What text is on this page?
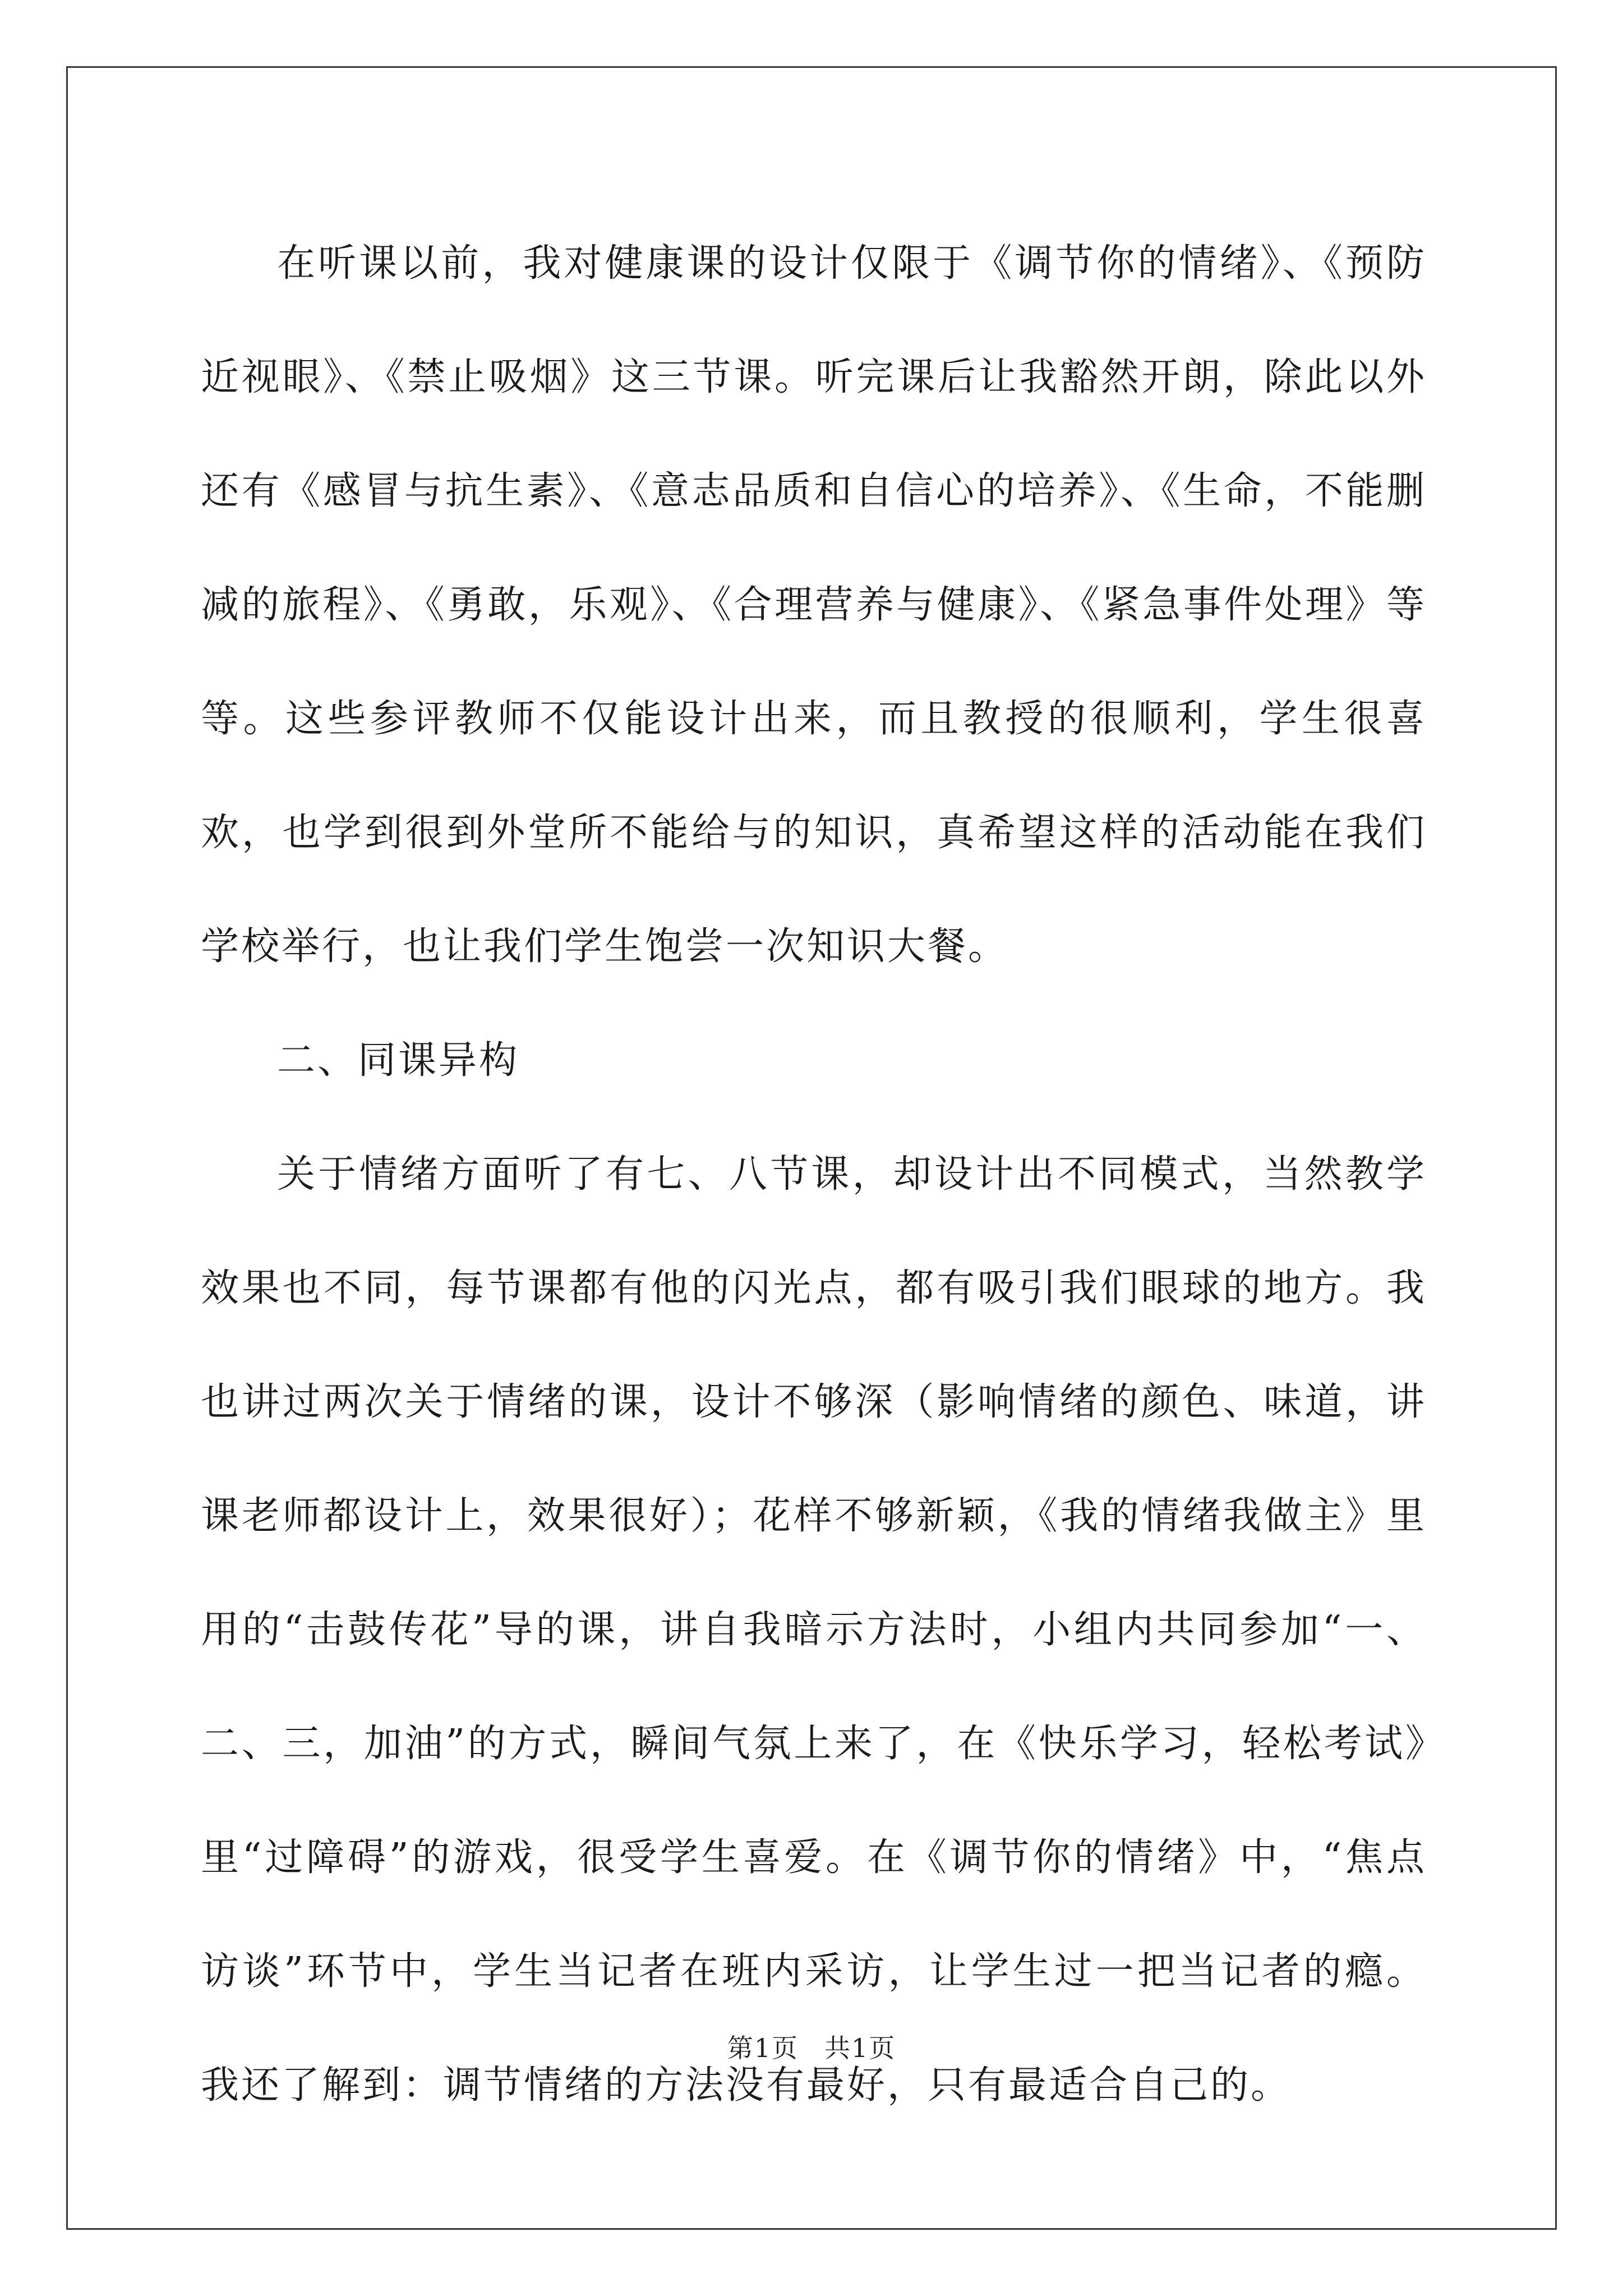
在听课以前，我对健康课的设计仅限于《调节你的情绪》、《预防近视眼》、《禁止吸烟》这三节课。听完课后让我豁然开朗，除此以外还有《感冒与抗生素》、《意志品质和自信心的培养》、《生命，不能删减的旅程》、《勇敢，乐观》、《合理营养与健康》、《紧急事件处理》等等。这些参评教师不仅能设计出来，而且教授的很顺利，学生很喜欢，也学到很到外堂所不能给与的知识，真希望这样的活动能在我们学校举行，也让我们学生饱尝一次知识大餐。

二、同课异构

关于情绪方面听了有七、八节课，却设计出不同模式，当然教学效果也不同，每节课都有他的闪光点，都有吸引我们眼球的地方。我也讲过两次关于情绪的课，设计不够深（影响情绪的颜色、味道，讲课老师都设计上，效果很好）；花样不够新颖，《我的情绪我做主》里用的“击鼓传花”导的课，讲自我暗示方法时，小组内共同参加“一、二、三，加油”的方式，瞬间气氛上来了，在《快乐学习，轻松考试》里“过障碍”的游戏，很受学生喜爱。在《调节你的情绪》中，“焦点访谈”环节中，学生当记者在班内采访，让学生过一把当记者的瘾。我还了解到：调节情绪的方法没有最好，只有最适合自己的。

第1页 共1页
